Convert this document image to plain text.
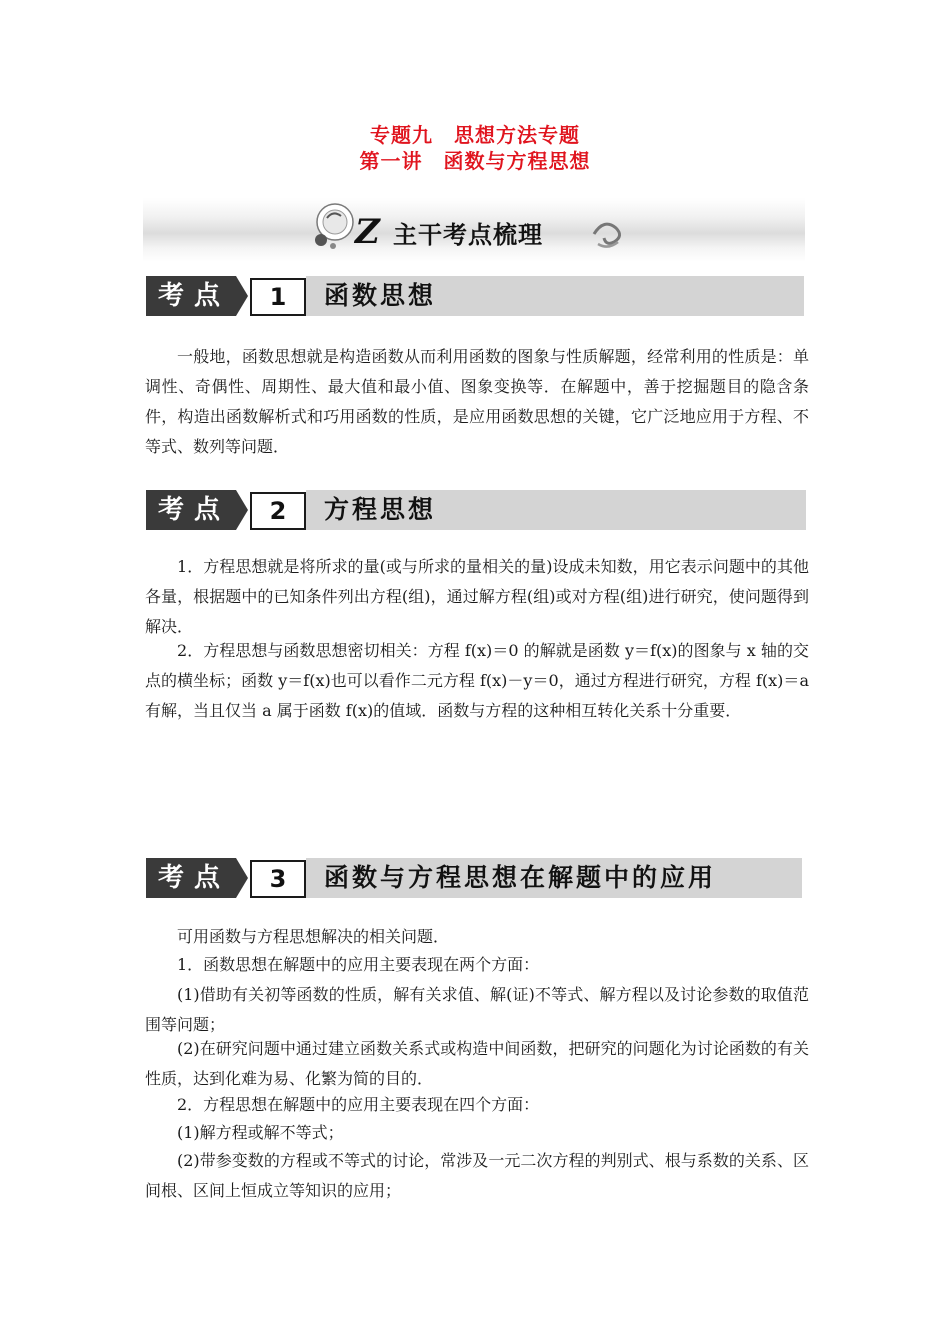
专题九　思想方法专题
第一讲　函数与方程思想
Z 主干考点梳理
考点	1	函数思想

一般地，函数思想就是构造函数从而利用函数的图象与性质解题，经常利用的性质是：单调性、奇偶性、周期性、最大值和最小值、图象变换等．在解题中，善于挖掘题目的隐含条件，构造出函数解析式和巧用函数的性质，是应用函数思想的关键，它广泛地应用于方程、不等式、数列等问题．

考点	2	方程思想

1．方程思想就是将所求的量(或与所求的量相关的量)设成未知数，用它表示问题中的其他各量，根据题中的已知条件列出方程(组)，通过解方程(组)或对方程(组)进行研究，使问题得到解决．

2．方程思想与函数思想密切相关：方程 f(x)＝0 的解就是函数 y＝f(x)的图象与 x 轴的交点的横坐标；函数 y＝f(x)也可以看作二元方程 f(x)－y＝0，通过方程进行研究，方程 f(x)＝a 有解，当且仅当 a 属于函数 f(x)的值域．函数与方程的这种相互转化关系十分重要．

考点	3	函数与方程思想在解题中的应用

可用函数与方程思想解决的相关问题．

1．函数思想在解题中的应用主要表现在两个方面：

(1)借助有关初等函数的性质，解有关求值、解(证)不等式、解方程以及讨论参数的取值范围等问题；

(2)在研究问题中通过建立函数关系式或构造中间函数，把研究的问题化为讨论函数的有关性质，达到化难为易、化繁为简的目的．

2．方程思想在解题中的应用主要表现在四个方面：

(1)解方程或解不等式；

(2)带参变数的方程或不等式的讨论，常涉及一元二次方程的判别式、根与系数的关系、区间根、区间上恒成立等知识的应用；
